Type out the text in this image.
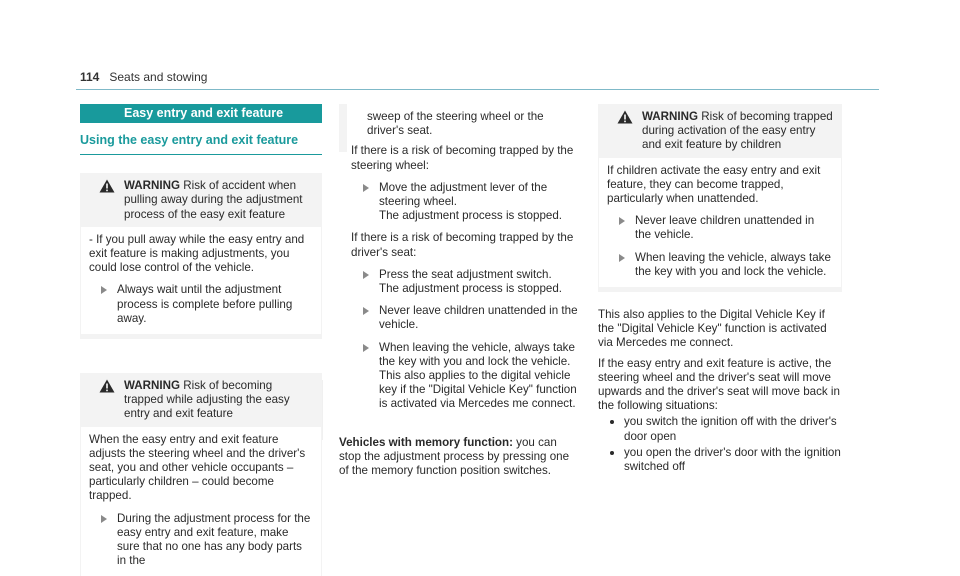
114 Seats and stowing
Easy entry and exit feature
Using the easy entry and exit feature
WARNING Risk of accident when pulling away during the adjustment process of the easy exit feature

- If you pull away while the easy entry and exit feature is making adjustments, you could lose control of the vehicle.

Always wait until the adjustment process is complete before pulling away.
WARNING Risk of becoming trapped while adjusting the easy entry and exit feature

When the easy entry and exit feature adjusts the steering wheel and the driver's seat, you and other vehicle occupants – particularly children – could become trapped.

During the adjustment process for the easy entry and exit feature, make sure that no one has any body parts in the

sweep of the steering wheel or the driver's seat.

If there is a risk of becoming trapped by the steering wheel:

Move the adjustment lever of the steering wheel.

The adjustment process is stopped.

If there is a risk of becoming trapped by the driver's seat:

Press the seat adjustment switch.

The adjustment process is stopped.

Never leave children unattended in the vehicle.

When leaving the vehicle, always take the key with you and lock the vehicle.

This also applies to the digital vehicle key if the "Digital Vehicle Key" function is activated via Mercedes me connect.

Vehicles with memory function: you can stop the adjustment process by pressing one of the memory function position switches.

WARNING Risk of becoming trapped during activation of the easy entry and exit feature by children

If children activate the easy entry and exit feature, they can become trapped, particularly when unattended.

Never leave children unattended in the vehicle.
When leaving the vehicle, always take the key with you and lock the vehicle.

This also applies to the Digital Vehicle Key if the "Digital Vehicle Key" function is activated via Mercedes me connect.

If the easy entry and exit feature is active, the steering wheel and the driver's seat will move upwards and the driver's seat will move back in the following situations:

you switch the ignition off with the driver's door open
you open the driver's door with the ignition switched off
